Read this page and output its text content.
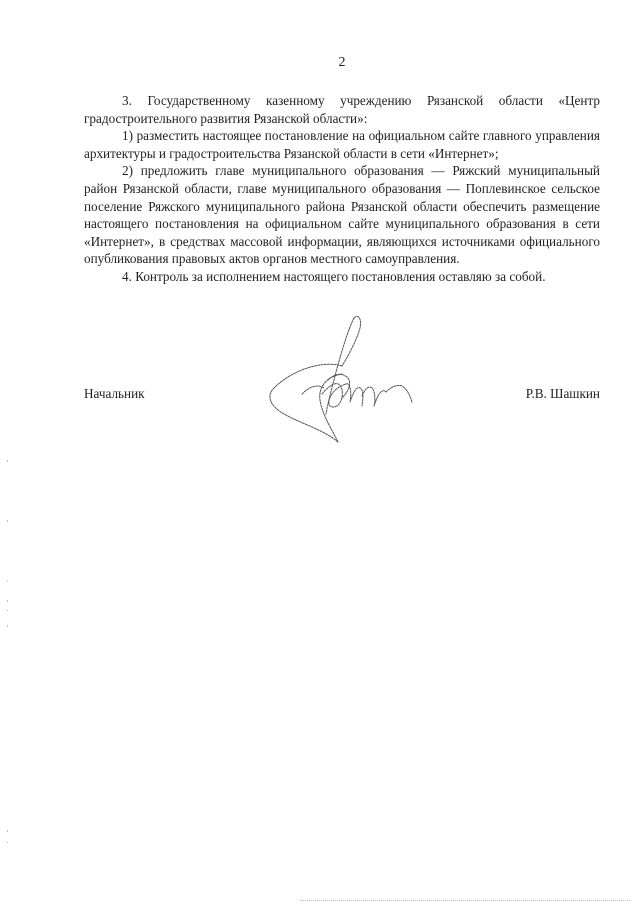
2

3. Государственному казенному учреждению Рязанской области «Центр градостроительного развития Рязанской области»:

1) разместить настоящее постановление на официальном сайте главного управления архитектуры и градостроительства Рязанской области в сети «Интернет»;

2) предложить главе муниципального образования — Ряжский муниципальный район Рязанской области, главе муниципального образования — Поплевинское сельское поселение Ряжского муниципального района Рязанской области обеспечить размещение настоящего постановления на официальном сайте муниципального образования в сети «Интернет», в средствах массовой информации, являющихся источниками официального опубликования правовых актов органов местного самоуправления.

4. Контроль за исполнением настоящего постановления оставляю за собой.

Начальник	Р.В. Шашкин
